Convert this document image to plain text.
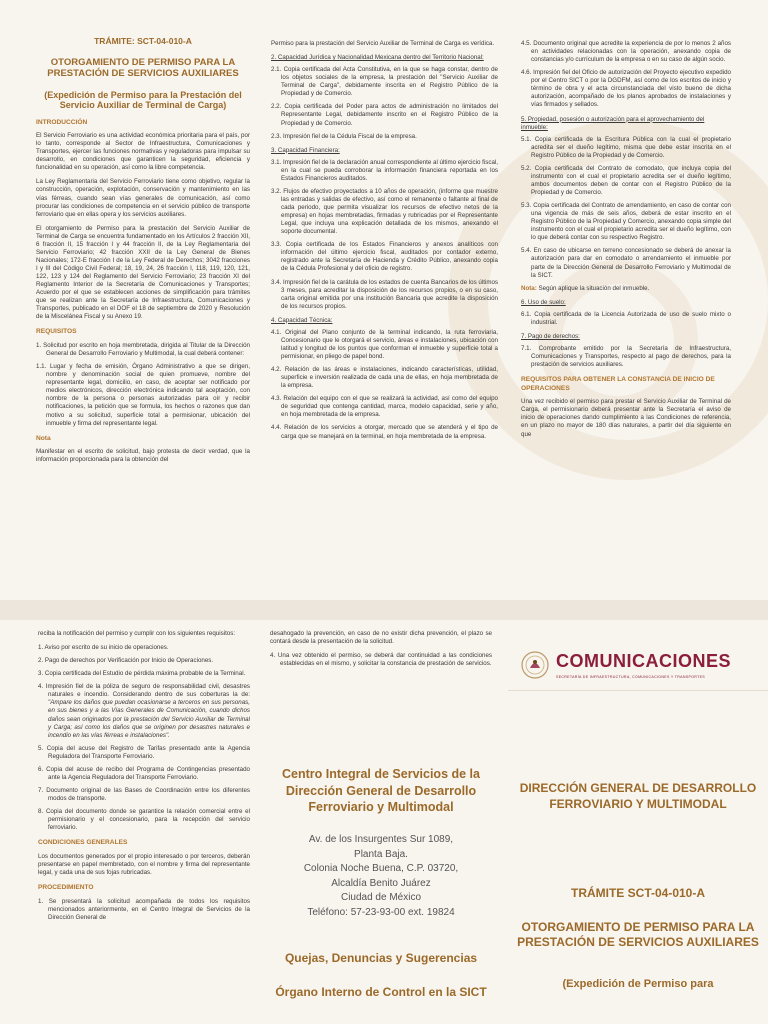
TRÁMITE: SCT-04-010-A
OTORGAMIENTO DE PERMISO PARA LA PRESTACIÓN DE SERVICIOS AUXILIARES
(Expedición de Permiso para la Prestación del Servicio Auxiliar de Terminal de Carga)
INTRODUCCIÓN

El Servicio Ferroviario es una actividad económica prioritaria para el país, por lo tanto, corresponde al Sector de Infraestructura, Comunicaciones y Transportes, ejercer las funciones normativas y reguladoras para impulsar su desarrollo, en condiciones que garanticen la seguridad, eficiencia y funcionalidad en su operación, así como la libre competencia.

La Ley Reglamentaria del Servicio Ferroviario tiene como objetivo, regular la construcción, operación, explotación, conservación y mantenimiento en las vías férreas, cuando sean vías generales de comunicación, así como procurar las condiciones de competencia en el servicio público de transporte ferroviario que en ellas opera y los servicios auxiliares.

El otorgamiento de Permiso para la prestación del Servicio Auxiliar de Terminal de Carga se encuentra fundamentado en los Artículos 2 fracción XII, 6 fracción II, 15 fracción I y 44 fracción II, de la Ley Reglamentaria del Servicio Ferroviario; 42 fracción XXII de la Ley General de Bienes Nacionales; 172-E fracción I de la Ley Federal de Derechos; 3042 fracciones I y III del Código Civil Federal; 18, 19, 24, 26 fracción I, 118, 119, 120, 121, 122, 123 y 124 del Reglamento del Servicio Ferroviario; 23 fracción XI del Reglamento Interior de la Secretaría de Comunicaciones y Transportes; Acuerdo por el que se establecen acciones de simplificación para trámites que se realizan ante la Secretaría de Infraestructura, Comunicaciones y Transportes, publicado en el DOF el 18 de septiembre de 2020 y Resolución de la Miscelánea Fiscal y su Anexo 19.

REQUISITOS

1. Solicitud por escrito en hoja membretada, dirigida al Titular de la Dirección General de Desarrollo Ferroviario y Multimodal, la cual deberá contener:

1.1. Lugar y fecha de emisión, Órgano Administrativo a que se dirigen, nombre y denominación social de quien promueve, nombre del representante legal, domicilio, en caso, de aceptar ser notificado por medios electrónicos, dirección electrónica indicando tal aceptación, con nombre de la persona o personas autorizadas para oír y recibir notificaciones, la petición que se formula, los hechos o razones que dan motivo a su solicitud, superficie total a permisionar, ubicación del inmueble y firma del representante legal.

Nota

Manifestar en el escrito de solicitud, bajo protesta de decir verdad, que la información proporcionada para la obtención del

Permiso para la prestación del Servicio Auxiliar de Terminal de Carga es verídica.

2. Capacidad Jurídica y Nacionalidad Mexicana dentro del Territorio Nacional:

2.1. Copia certificada del Acta Constitutiva, en la que se haga constar, dentro de los objetos sociales de la empresa, la prestación del "Servicio Auxiliar de Terminal de Carga", debidamente inscrita en el Registro Público de la Propiedad y de Comercio.

2.2. Copia certificada del Poder para actos de administración no limitados del Representante Legal, debidamente inscrito en el Registro Público de la Propiedad y de Comercio.

2.3. Impresión fiel de la Cédula Fiscal de la empresa.

3. Capacidad Financiera:

3.1. Impresión fiel de la declaración anual correspondiente al último ejercicio fiscal, en la cual se pueda corroborar la información financiera reportada en los Estados Financieros auditados.

3.2. Flujos de efectivo proyectados a 10 años de operación, (informe que muestre las entradas y salidas de efectivo, así como el remanente o faltante al final de cada periodo, que permita visualizar los recursos de efectivo netos de la empresa) en hojas membretadas, firmadas y rubricadas por el Representante Legal, que incluya una explicación detallada de los mismos, anexando el soporte documental.

3.3. Copia certificada de los Estados Financieros y anexos analíticos con información del último ejercicio fiscal, auditados por contador externo, registrado ante la Secretaría de Hacienda y Crédito Público, anexando copia de la Cédula Profesional y del oficio de registro.

3.4. Impresión fiel de la carátula de los estados de cuenta Bancarios de los últimos 3 meses, para acreditar la disposición de los recursos propios, o en su caso, carta original emitida por una institución Bancaria que acredite la disposición de los recursos propios.

4. Capacidad Técnica:

4.1. Original del Plano conjunto de la terminal indicando, la ruta ferroviaria, Concesionario que le otorgará el servicio, áreas e instalaciones, ubicación con latitud y longitud de los puntos que conforman el inmueble y superficie total a permisionar, en pliego de papel bond.

4.2. Relación de las áreas e instalaciones, indicando características, utilidad, superficie e inversión realizada de cada una de ellas, en hoja membretada de la empresa.

4.3. Relación del equipo con el que se realizará la actividad, así como del equipo de seguridad que contenga cantidad, marca, modelo capacidad, serie y año, en hoja membretada de la empresa.

4.4. Relación de los servicios a otorgar, mercado que se atenderá y el tipo de carga que se manejará en la terminal, en hoja membretada de la empresa.

4.5. Documento original que acredite la experiencia de por lo menos 2 años en actividades relacionadas con la operación, anexando copia de constancias y/o currículum de la empresa o en su caso de algún socio.

4.6. Impresión fiel del Oficio de autorización del Proyecto ejecutivo expedido por el Centro SICT o por la DGDFM, así como de los escritos de inicio y término de obra y el acta circunstanciada del visto bueno de dicha autorización, acompañado de los planos aprobados de instalaciones y vías firmados y sellados.

5. Propiedad, posesión o autorización para el aprovechamiento del inmueble:

5.1. Copia certificada de la Escritura Pública con la cual el propietario acredita ser el dueño legítimo, misma que debe estar inscrita en el Registro Público de la Propiedad y de Comercio.

5.2. Copia certificada del Contrato de comodato, que incluya copia del instrumento con el cual el propietario acredita ser el dueño legítimo, ambos documentos deben de contar con el Registro Público de la Propiedad y de Comercio.

5.3. Copia certificada del Contrato de arrendamiento, en caso de contar con una vigencia de más de seis años, deberá de estar inscrito en el Registro Público de la Propiedad y Comercio, anexando copia simple del instrumento con el cual el propietario acredita ser el dueño legítimo, con lo que deberá contar con su respectivo Registro.

5.4. En caso de ubicarse en terreno concesionado se deberá de anexar la autorización para dar en comodato o arrendamiento el inmueble por parte de la Dirección General de Desarrollo Ferroviario y Multimodal de la SICT.

Nota: Según aplique la situación del inmueble.

6. Uso de suelo:

6.1. Copia certificada de la Licencia Autorizada de uso de suelo mixto o industrial.

7. Pago de derechos:

7.1. Comprobante emitido por la Secretaría de Infraestructura, Comunicaciones y Transportes, respecto al pago de derechos, para la prestación de servicios auxiliares.

REQUISITOS PARA OBTENER LA CONSTANCIA DE INICIO DE OPERACIONES

Una vez recibido el permiso para prestar el Servicio Auxiliar de Terminal de Carga, el permisionario deberá presentar ante la Secretaría el aviso de inicio de operaciones dando cumplimiento a las Condiciones de referencia, en un plazo no mayor de 180 días naturales, a partir del día siguiente en que

reciba la notificación del permiso y cumplir con los siguientes requisitos:

1. Aviso por escrito de su inicio de operaciones.

2. Pago de derechos por Verificación por Inicio de Operaciones.

3. Copia certificada del Estudio de pérdida máxima probable de la Terminal.

4. Impresión fiel de la póliza de seguro de responsabilidad civil, desastres naturales e incendio. Considerando dentro de sus coberturas la de: "Ampare los daños que puedan ocasionarse a terceros en sus personas, en sus bienes y a las Vías Generales de Comunicación, cuando dichos daños sean originados por la prestación del Servicio Auxiliar de Terminal y Carga; así como los daños que se originen por desastres naturales e incendio en las vías férreas e instalaciones".

5. Copia del acuse del Registro de Tarifas presentado ante la Agencia Reguladora del Transporte Ferroviario.

6. Copia del acuse de recibo del Programa de Contingencias presentado ante la Agencia Reguladora del Transporte Ferroviario.

7. Documento original de las Bases de Coordinación entre los diferentes modos de transporte.

8. Copia del documento donde se garantice la relación comercial entre el permisionario y el concesionario, para la recepción del servicio ferroviario.

CONDICIONES GENERALES

Los documentos generados por el propio interesado o por terceros, deberán presentarse en papel membretado, con el nombre y firma del representante legal, y cada una de sus fojas rubricadas.

PROCEDIMIENTO

1. Se presentará la solicitud acompañada de todos los requisitos mencionados anteriormente, en el Centro Integral de Servicios de la Dirección General de

desahogado la prevención, en caso de no existir dicha prevención, el plazo se contará desde la presentación de la solicitud.

4. Una vez obtenido el permiso, se deberá dar continuidad a las condiciones establecidas en el mismo, y solicitar la constancia de prestación de servicios.

Centro Integral de Servicios de la Dirección General de Desarrollo Ferroviario y Multimodal
Av. de los Insurgentes Sur 1089,
Planta Baja.
Colonia Noche Buena, C.P. 03720,
Alcaldía Benito Juárez
Ciudad de México
Teléfono: 57-23-93-00 ext. 19824
Quejas, Denuncias y Sugerencias
Órgano Interno de Control en la SICT
COMUNICACIONES
SECRETARÍA DE INFRAESTRUCTURA, COMUNICACIONES Y TRANSPORTES
DIRECCIÓN GENERAL DE DESARROLLO FERROVIARIO Y MULTIMODAL
TRÁMITE SCT-04-010-A
OTORGAMIENTO DE PERMISO PARA LA PRESTACIÓN DE SERVICIOS AUXILIARES
(Expedición de Permiso para
